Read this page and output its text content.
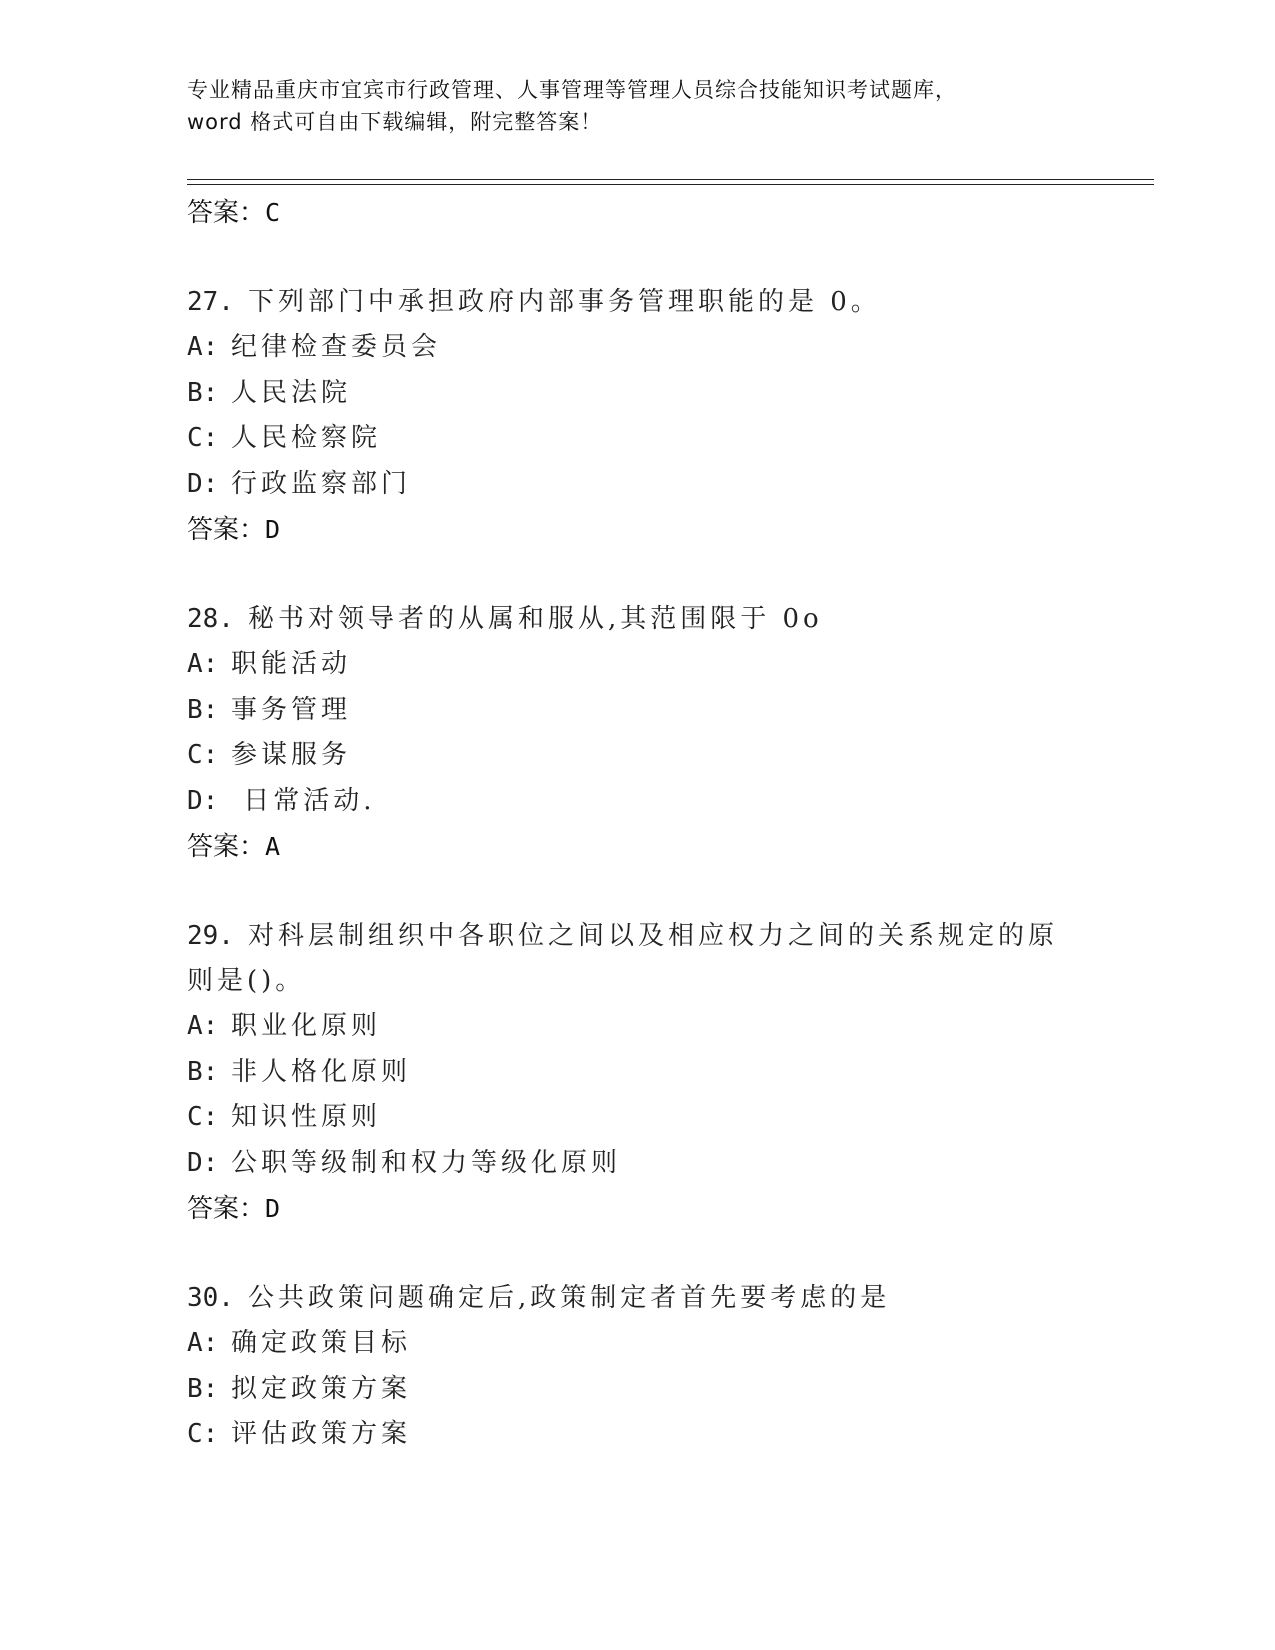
专业精品重庆市宜宾市行政管理、人事管理等管理人员综合技能知识考试题库，
word 格式可自由下载编辑，附完整答案！
答案：C
27. 下列部门中承担政府内部事务管理职能的是 0。
A: 纪律检查委员会
B: 人民法院
C: 人民检察院
D: 行政监察部门
答案：D
28. 秘书对领导者的从属和服从,其范围限于 0o
A: 职能活动
B: 事务管理
C: 参谋服务
D: 日常活动.
答案：A
29. 对科层制组织中各职位之间以及相应权力之间的关系规定的原则是()。
A: 职业化原则
B: 非人格化原则
C: 知识性原则
D: 公职等级制和权力等级化原则
答案：D
30. 公共政策问题确定后,政策制定者首先要考虑的是
A: 确定政策目标
B: 拟定政策方案
C: 评估政策方案
